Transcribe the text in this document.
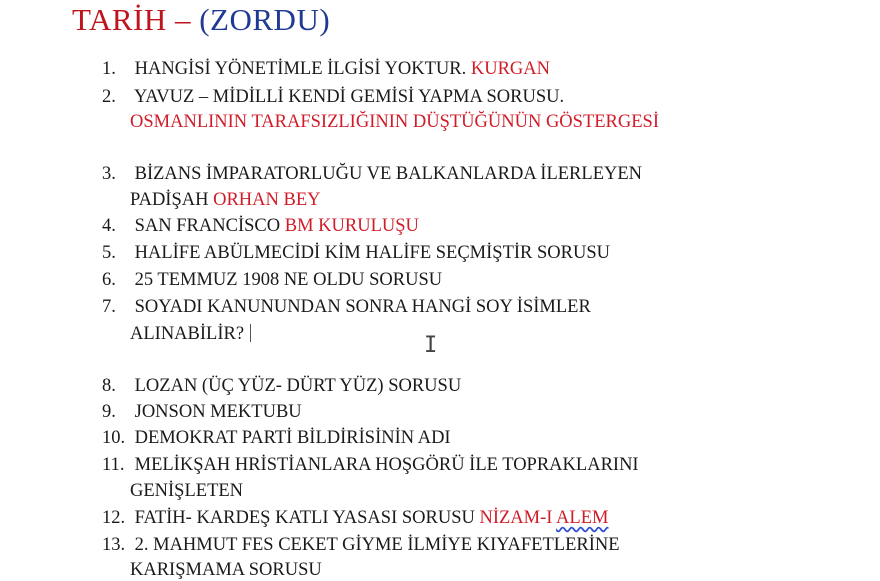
TARİH – (ZORDU)
1. HANGİSİ YÖNETİMLE İLGİSİ YOKTUR. KURGAN
2. YAVUZ – MİDİLLİ KENDİ GEMİSİ YAPMA SORUSU.
OSMANLININ TARAFSIZLIĞININ DÜŞTÜĞÜNÜN GÖSTERGESİ
3. BİZANS İMPARATORLUĞU VE BALKANLARDA İLERLEYEN
PADİŞAH ORHAN BEY
4. SAN FRANCİSCO BM KURULUŞU
5. HALİFE ABÜLMECİDİ KİM HALİFE SEÇMİŞTİR SORUSU
6. 25 TEMMUZ 1908 NE OLDU SORUSU
7. SOYADI KANUNUNDAN SONRA HANGİ SOY İSİMLER
ALINABİLİR?	I
8. LOZAN (ÜÇ YÜZ- DÜRT YÜZ) SORUSU
9. JONSON MEKTUBU
10. DEMOKRAT PARTİ BİLDİRİSİNİN ADI
11. MELİKŞAH HRİSTİANLARA HOŞGÖRÜ İLE TOPRAKLARINI
GENİŞLETEN
12. FATİH- KARDEŞ KATLI YASASI SORUSU NİZAM-I ALEM
13. 2. MAHMUT FES CEKET GİYME İLMİYE KIYAFETLERİNE
KARIŞMAMA SORUSU
